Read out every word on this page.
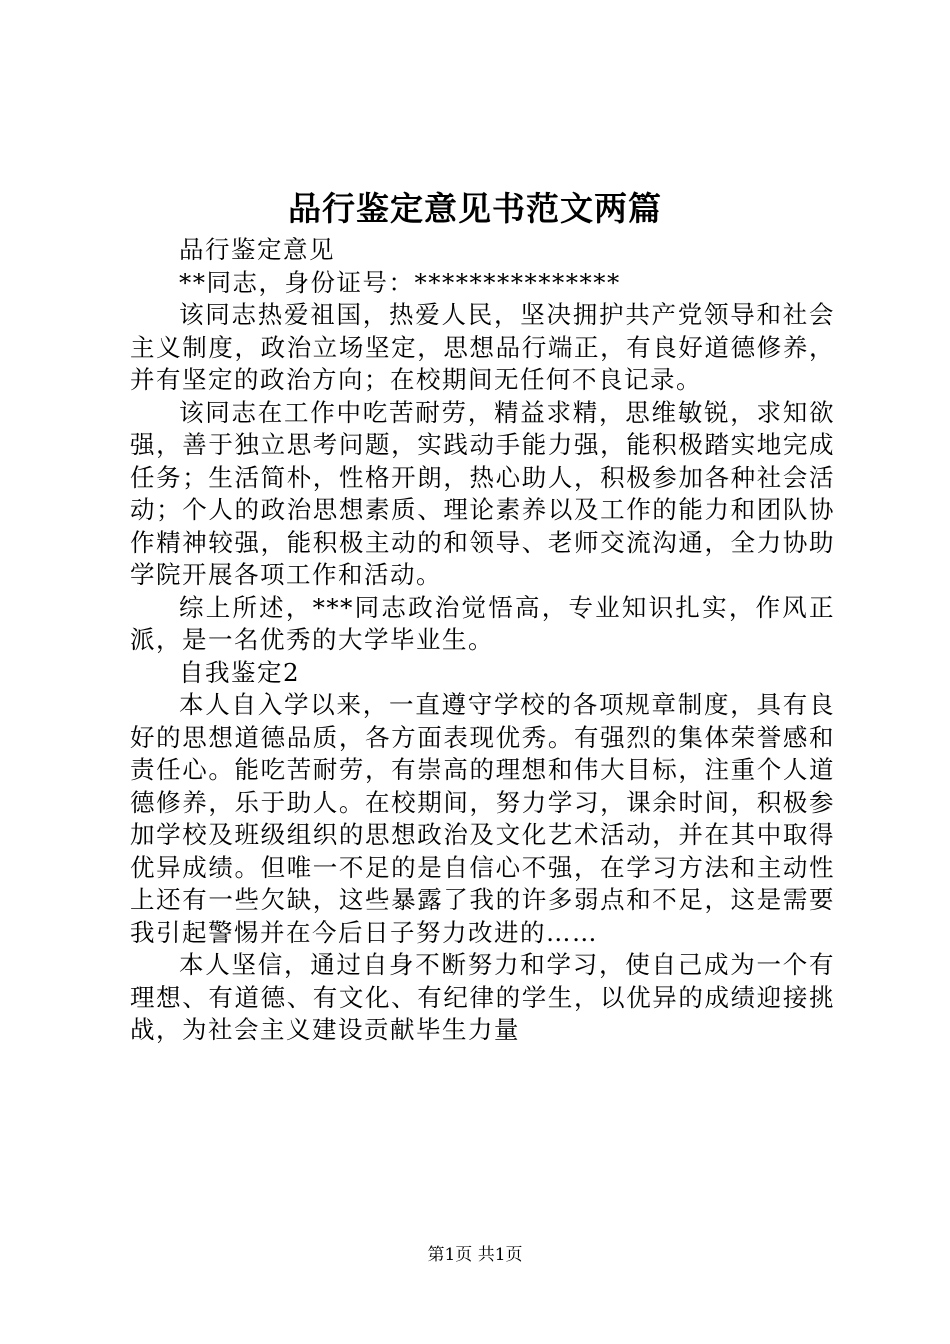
品行鉴定意见书范文两篇

品行鉴定意见

**同志，身份证号：***************

该同志热爱祖国，热爱人民，坚决拥护共产党领导和社会主义制度，政治立场坚定，思想品行端正，有良好道德修养，并有坚定的政治方向；在校期间无任何不良记录。

该同志在工作中吃苦耐劳，精益求精，思维敏锐，求知欲强，善于独立思考问题，实践动手能力强，能积极踏实地完成任务；生活简朴，性格开朗，热心助人，积极参加各种社会活动；个人的政治思想素质、理论素养以及工作的能力和团队协作精神较强，能积极主动的和领导、老师交流沟通，全力协助学院开展各项工作和活动。

综上所述，***同志政治觉悟高，专业知识扎实，作风正派，是一名优秀的大学毕业生。

自我鉴定2

本人自入学以来，一直遵守学校的各项规章制度，具有良好的思想道德品质，各方面表现优秀。有强烈的集体荣誉感和责任心。能吃苦耐劳，有崇高的理想和伟大目标，注重个人道德修养，乐于助人。在校期间，努力学习，课余时间，积极参加学校及班级组织的思想政治及文化艺术活动，并在其中取得优异成绩。但唯一不足的是自信心不强，在学习方法和主动性上还有一些欠缺，这些暴露了我的许多弱点和不足，这是需要我引起警惕并在今后日子努力改进的……

本人坚信，通过自身不断努力和学习，使自己成为一个有理想、有道德、有文化、有纪律的学生，以优异的成绩迎接挑战，为社会主义建设贡献毕生力量

第1页 共1页
